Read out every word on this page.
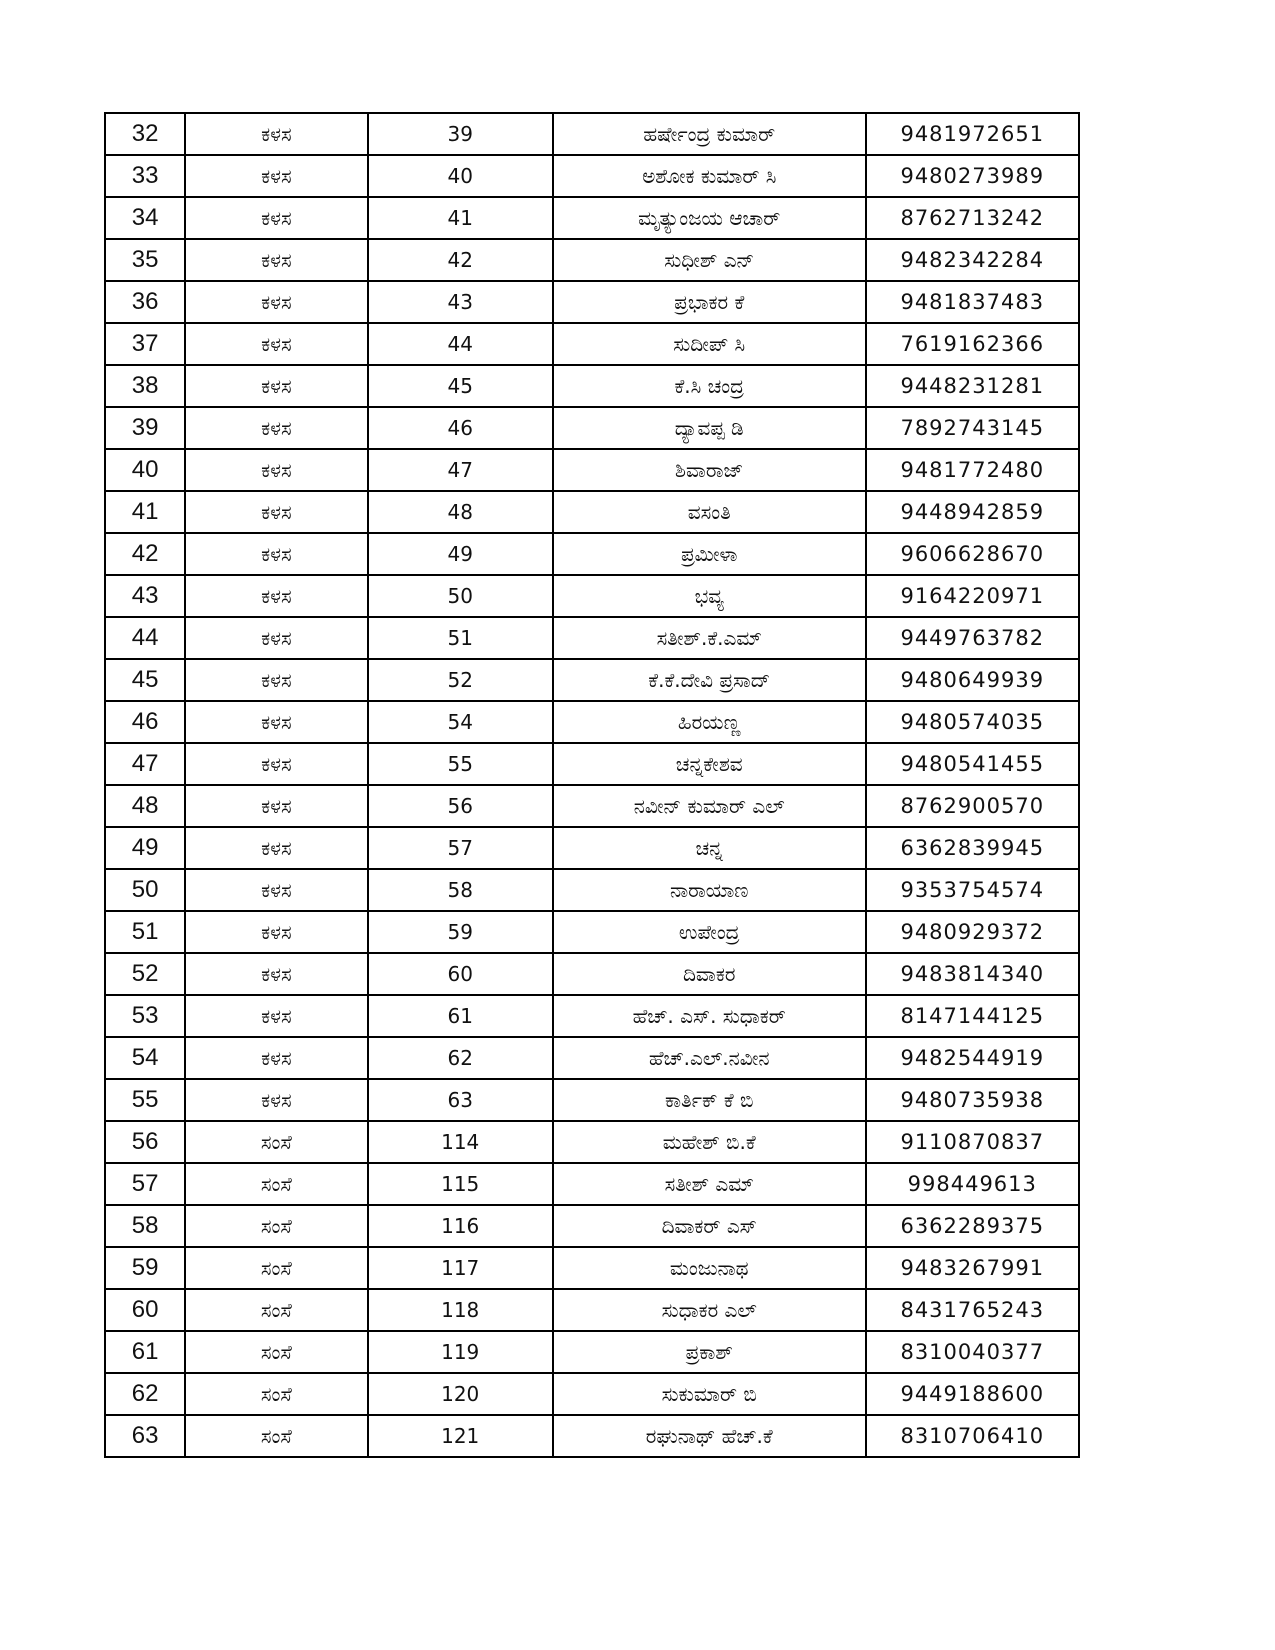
32	ಕಳಸ	39	ಹರ್ಷೇಂದ್ರ ಕುಮಾರ್	9481972651
33	ಕಳಸ	40	ಅಶೋಕ ಕುಮಾರ್ ಸಿ	9480273989
34	ಕಳಸ	41	ಮೃತ್ಯುಂಜಯ ಆಚಾರ್	8762713242
35	ಕಳಸ	42	ಸುಧೀಶ್ ಎನ್	9482342284
36	ಕಳಸ	43	ಪ್ರಭಾಕರ ಕೆ	9481837483
37	ಕಳಸ	44	ಸುದೀಪ್ ಸಿ	7619162366
38	ಕಳಸ	45	ಕೆ.ಸಿ ಚಂದ್ರ	9448231281
39	ಕಳಸ	46	ದ್ಯಾವಪ್ಪ ಡಿ	7892743145
40	ಕಳಸ	47	ಶಿವಾರಾಜ್	9481772480
41	ಕಳಸ	48	ವಸಂತಿ	9448942859
42	ಕಳಸ	49	ಪ್ರಮೀಳಾ	9606628670
43	ಕಳಸ	50	ಭವ್ಯ	9164220971
44	ಕಳಸ	51	ಸತೀಶ್.ಕೆ.ಎಮ್	9449763782
45	ಕಳಸ	52	ಕೆ.ಕೆ.ದೇವಿ ಪ್ರಸಾದ್	9480649939
46	ಕಳಸ	54	ಹಿರಯಣ್ಣ	9480574035
47	ಕಳಸ	55	ಚನ್ನಕೇಶವ	9480541455
48	ಕಳಸ	56	ನವೀನ್ ಕುಮಾರ್ ಎಲ್	8762900570
49	ಕಳಸ	57	ಚನ್ನ	6362839945
50	ಕಳಸ	58	ನಾರಾಯಾಣ	9353754574
51	ಕಳಸ	59	ಉಪೇಂದ್ರ	9480929372
52	ಕಳಸ	60	ದಿವಾಕರ	9483814340
53	ಕಳಸ	61	ಹೆಚ್. ಎಸ್. ಸುಧಾಕರ್	8147144125
54	ಕಳಸ	62	ಹೆಚ್.ಎಲ್.ನವೀನ	9482544919
55	ಕಳಸ	63	ಕಾರ್ತಿಕ್ ಕೆ ಬಿ	9480735938
56	ಸಂಸೆ	114	ಮಹೇಶ್ ಬಿ.ಕೆ	9110870837
57	ಸಂಸೆ	115	ಸತೀಶ್ ಎಮ್	998449613
58	ಸಂಸೆ	116	ದಿವಾಕರ್ ಎಸ್	6362289375
59	ಸಂಸೆ	117	ಮಂಜುನಾಥ	9483267991
60	ಸಂಸೆ	118	ಸುಧಾಕರ ಎಲ್	8431765243
61	ಸಂಸೆ	119	ಪ್ರಕಾಶ್	8310040377
62	ಸಂಸೆ	120	ಸುಕುಮಾರ್ ಬಿ	9449188600
63	ಸಂಸೆ	121	ರಘುನಾಥ್ ಹೆಚ್.ಕೆ	8310706410
